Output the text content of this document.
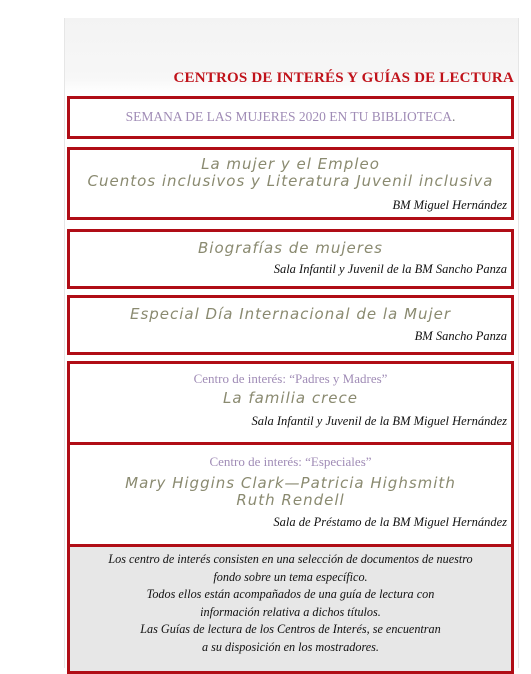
CENTROS DE INTERÉS Y GUÍAS DE LECTURA
SEMANA DE LAS MUJERES 2020 EN TU BIBLIOTECA.
La mujer y el Empleo
Cuentos inclusivos y Literatura Juvenil inclusiva
BM Miguel Hernández
Biografías de mujeres
Sala Infantil y Juvenil de la BM Sancho Panza
Especial Día Internacional de la Mujer
BM Sancho Panza
Centro de interés: “Padres y Madres”
La familia crece
Sala Infantil y Juvenil de la BM Miguel Hernández
Centro de interés: “Especiales”
Mary Higgins Clark—Patricia Highsmith
Ruth Rendell
Sala de Préstamo de la BM Miguel Hernández
Los centro de interés consisten en una selección de documentos de nuestro
fondo sobre un tema específico.
Todos ellos están acompañados de una guía de lectura con
información relativa a dichos títulos.
Las Guías de lectura de los Centros de Interés, se encuentran
a su disposición en los mostradores.
